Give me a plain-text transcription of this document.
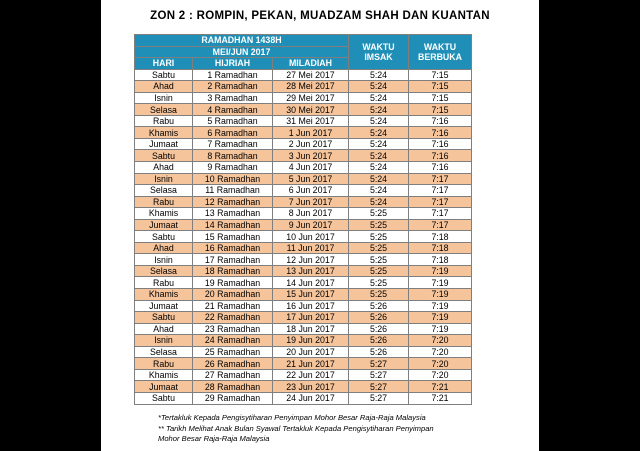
ZON 2 : ROMPIN, PEKAN, MUADZAM SHAH DAN KUANTAN
RAMADHAN 1438H			WAKTU IMSAK	WAKTU BERBUKA
MEI/JUN 2017				
HARI	HIJRIAH	MILADIAH		
Sabtu	1 Ramadhan	27 Mei 2017	5:24	7:15
Ahad	2 Ramadhan	28 Mei 2017	5:24	7:15
Isnin	3 Ramadhan	29 Mei 2017	5:24	7:15
Selasa	4 Ramadhan	30 Mei 2017	5:24	7:15
Rabu	5 Ramadhan	31 Mei 2017	5:24	7:16
Khamis	6 Ramadhan	1 Jun 2017	5:24	7:16
Jumaat	7 Ramadhan	2 Jun 2017	5:24	7:16
Sabtu	8 Ramadhan	3 Jun 2017	5:24	7:16
Ahad	9 Ramadhan	4 Jun 2017	5:24	7:16
Isnin	10 Ramadhan	5 Jun 2017	5:24	7:17
Selasa	11 Ramadhan	6 Jun 2017	5:24	7:17
Rabu	12 Ramadhan	7 Jun 2017	5:24	7:17
Khamis	13 Ramadhan	8 Jun 2017	5:25	7:17
Jumaat	14 Ramadhan	9 Jun 2017	5:25	7:17
Sabtu	15 Ramadhan	10 Jun 2017	5:25	7:18
Ahad	16 Ramadhan	11 Jun 2017	5:25	7:18
Isnin	17 Ramadhan	12 Jun 2017	5:25	7:18
Selasa	18 Ramadhan	13 Jun 2017	5:25	7:19
Rabu	19 Ramadhan	14 Jun 2017	5:25	7:19
Khamis	20 Ramadhan	15 Jun 2017	5:25	7:19
Jumaat	21 Ramadhan	16 Jun 2017	5:26	7:19
Sabtu	22 Ramadhan	17 Jun 2017	5:26	7:19
Ahad	23 Ramadhan	18 Jun 2017	5:26	7:19
Isnin	24 Ramadhan	19 Jun 2017	5:26	7:20
Selasa	25 Ramadhan	20 Jun 2017	5:26	7:20
Rabu	26 Ramadhan	21 Jun 2017	5:27	7:20
Khamis	27 Ramadhan	22 Jun 2017	5:27	7:20
Jumaat	28 Ramadhan	23 Jun 2017	5:27	7:21
Sabtu	29 Ramadhan	24 Jun 2017	5:27	7:21
*Tertakluk Kepada Pengisytiharan Penyimpan Mohor Besar Raja-Raja Malaysia
** Tarikh Melihat Anak Bulan Syawal Tertakluk Kepada Pengisytiharan Penyimpan
Mohor Besar Raja-Raja Malaysia
